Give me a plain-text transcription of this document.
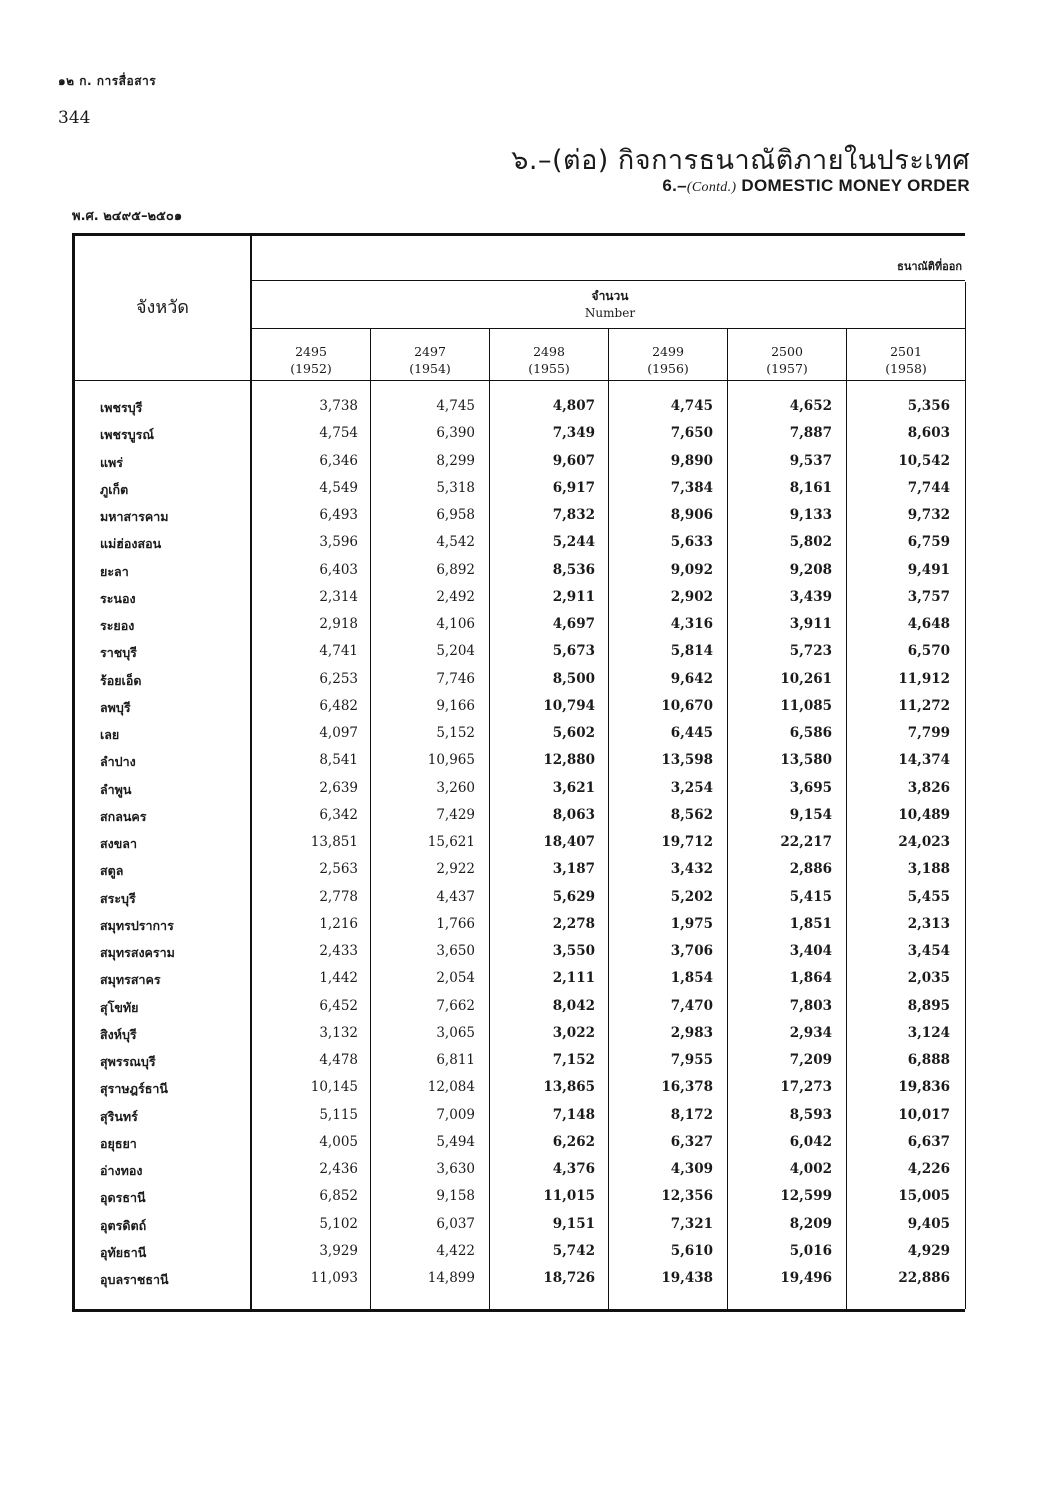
๑๒ ก. การสื่อสาร
344
๖.–(ต่อ) กิจการธนาณัติภายในประเทศ
6.–(Contd.) DOMESTIC MONEY ORDER
พ.ศ. ๒๔๙๕–๒๕๐๑
จังหวัด
ธนาณัติที่ออก
จำนวน
Number
2495
(1952)
2497
(1954)
2498
(1955)
2499
(1956)
2500
(1957)
2501
(1958)
เพชรบุรี	3,738	4,745	4,807	4,745	4,652	5,356
เพชรบูรณ์	4,754	6,390	7,349	7,650	7,887	8,603
แพร่	6,346	8,299	9,607	9,890	9,537	10,542
ภูเก็ต	4,549	5,318	6,917	7,384	8,161	7,744
มหาสารคาม	6,493	6,958	7,832	8,906	9,133	9,732
แม่ฮ่องสอน	3,596	4,542	5,244	5,633	5,802	6,759
ยะลา	6,403	6,892	8,536	9,092	9,208	9,491
ระนอง	2,314	2,492	2,911	2,902	3,439	3,757
ระยอง	2,918	4,106	4,697	4,316	3,911	4,648
ราชบุรี	4,741	5,204	5,673	5,814	5,723	6,570
ร้อยเอ็ด	6,253	7,746	8,500	9,642	10,261	11,912
ลพบุรี	6,482	9,166	10,794	10,670	11,085	11,272
เลย	4,097	5,152	5,602	6,445	6,586	7,799
ลำปาง	8,541	10,965	12,880	13,598	13,580	14,374
ลำพูน	2,639	3,260	3,621	3,254	3,695	3,826
สกลนคร	6,342	7,429	8,063	8,562	9,154	10,489
สงขลา	13,851	15,621	18,407	19,712	22,217	24,023
สตูล	2,563	2,922	3,187	3,432	2,886	3,188
สระบุรี	2,778	4,437	5,629	5,202	5,415	5,455
สมุทรปราการ	1,216	1,766	2,278	1,975	1,851	2,313
สมุทรสงคราม	2,433	3,650	3,550	3,706	3,404	3,454
สมุทรสาคร	1,442	2,054	2,111	1,854	1,864	2,035
สุโขทัย	6,452	7,662	8,042	7,470	7,803	8,895
สิงห์บุรี	3,132	3,065	3,022	2,983	2,934	3,124
สุพรรณบุรี	4,478	6,811	7,152	7,955	7,209	6,888
สุราษฎร์ธานี	10,145	12,084	13,865	16,378	17,273	19,836
สุรินทร์	5,115	7,009	7,148	8,172	8,593	10,017
อยุธยา	4,005	5,494	6,262	6,327	6,042	6,637
อ่างทอง	2,436	3,630	4,376	4,309	4,002	4,226
อุดรธานี	6,852	9,158	11,015	12,356	12,599	15,005
อุตรดิตถ์	5,102	6,037	9,151	7,321	8,209	9,405
อุทัยธานี	3,929	4,422	5,742	5,610	5,016	4,929
อุบลราชธานี	11,093	14,899	18,726	19,438	19,496	22,886
